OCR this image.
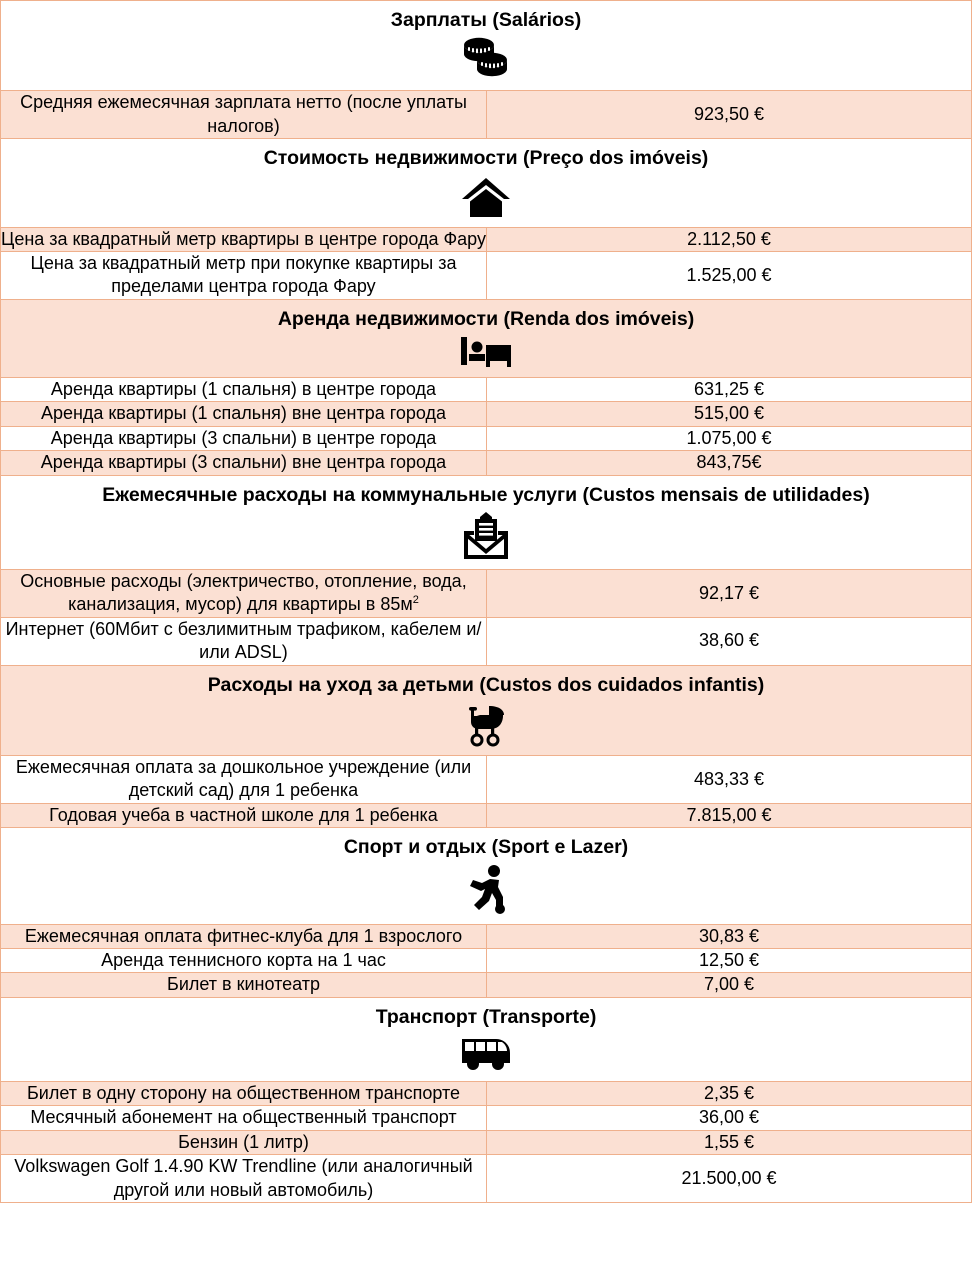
Зарплаты (Salários)	

Средняя ежемесячная зарплата нетто (после уплаты налогов)	923,50 €

Стоимость недвижимости (Preço dos imóveis)	

Цена за квадратный метр квартиры в центре города Фару	2.112,50 €
Цена за квадратный метр при покупке квартиры за пределами центра города Фару	1.525,00 €

Аренда недвижимости (Renda dos imóveis)	

Аренда квартиры (1 спальня) в центре города	631,25 €
Аренда квартиры (1 спальня) вне центра города	515,00 €
Аренда квартиры (3 спальни) в центре города	1.075,00 €
Аренда квартиры (3 спальни) вне центра города	843,75€

Ежемесячные расходы на коммунальные услуги (Custos mensais de utilidades)	

Основные расходы (электричество, отопление, вода, канализация, мусор) для квартиры в $85м^2$	92,17 €
Интернет (60Мбит с безлимитным трафиком, кабелем и/или ADSL)	38,60 €

Расходы на уход за детьми (Custos dos cuidados infantis)	

Ежемесячная оплата за дошкольное учреждение (или детский сад) для 1 ребенка	483,33 €
Годовая учеба в частной школе для 1 ребенка	7.815,00 €

Спорт и отдых (Sport e Lazer)	

Ежемесячная оплата фитнес-клуба для 1 взрослого	30,83 €
Аренда теннисного корта на 1 час	12,50 €
Билет в кинотеатр	7,00 €

Транспорт (Transporte)	

Билет в одну сторону на общественном транспорте	2,35 €
Месячный абонемент на общественный транспорт	36,00 €
Бензин (1 литр)	1,55 €
Volkswagen Golf 1.4.90 KW Trendline (или аналогичный другой или новый автомобиль)	21.500,00 €
